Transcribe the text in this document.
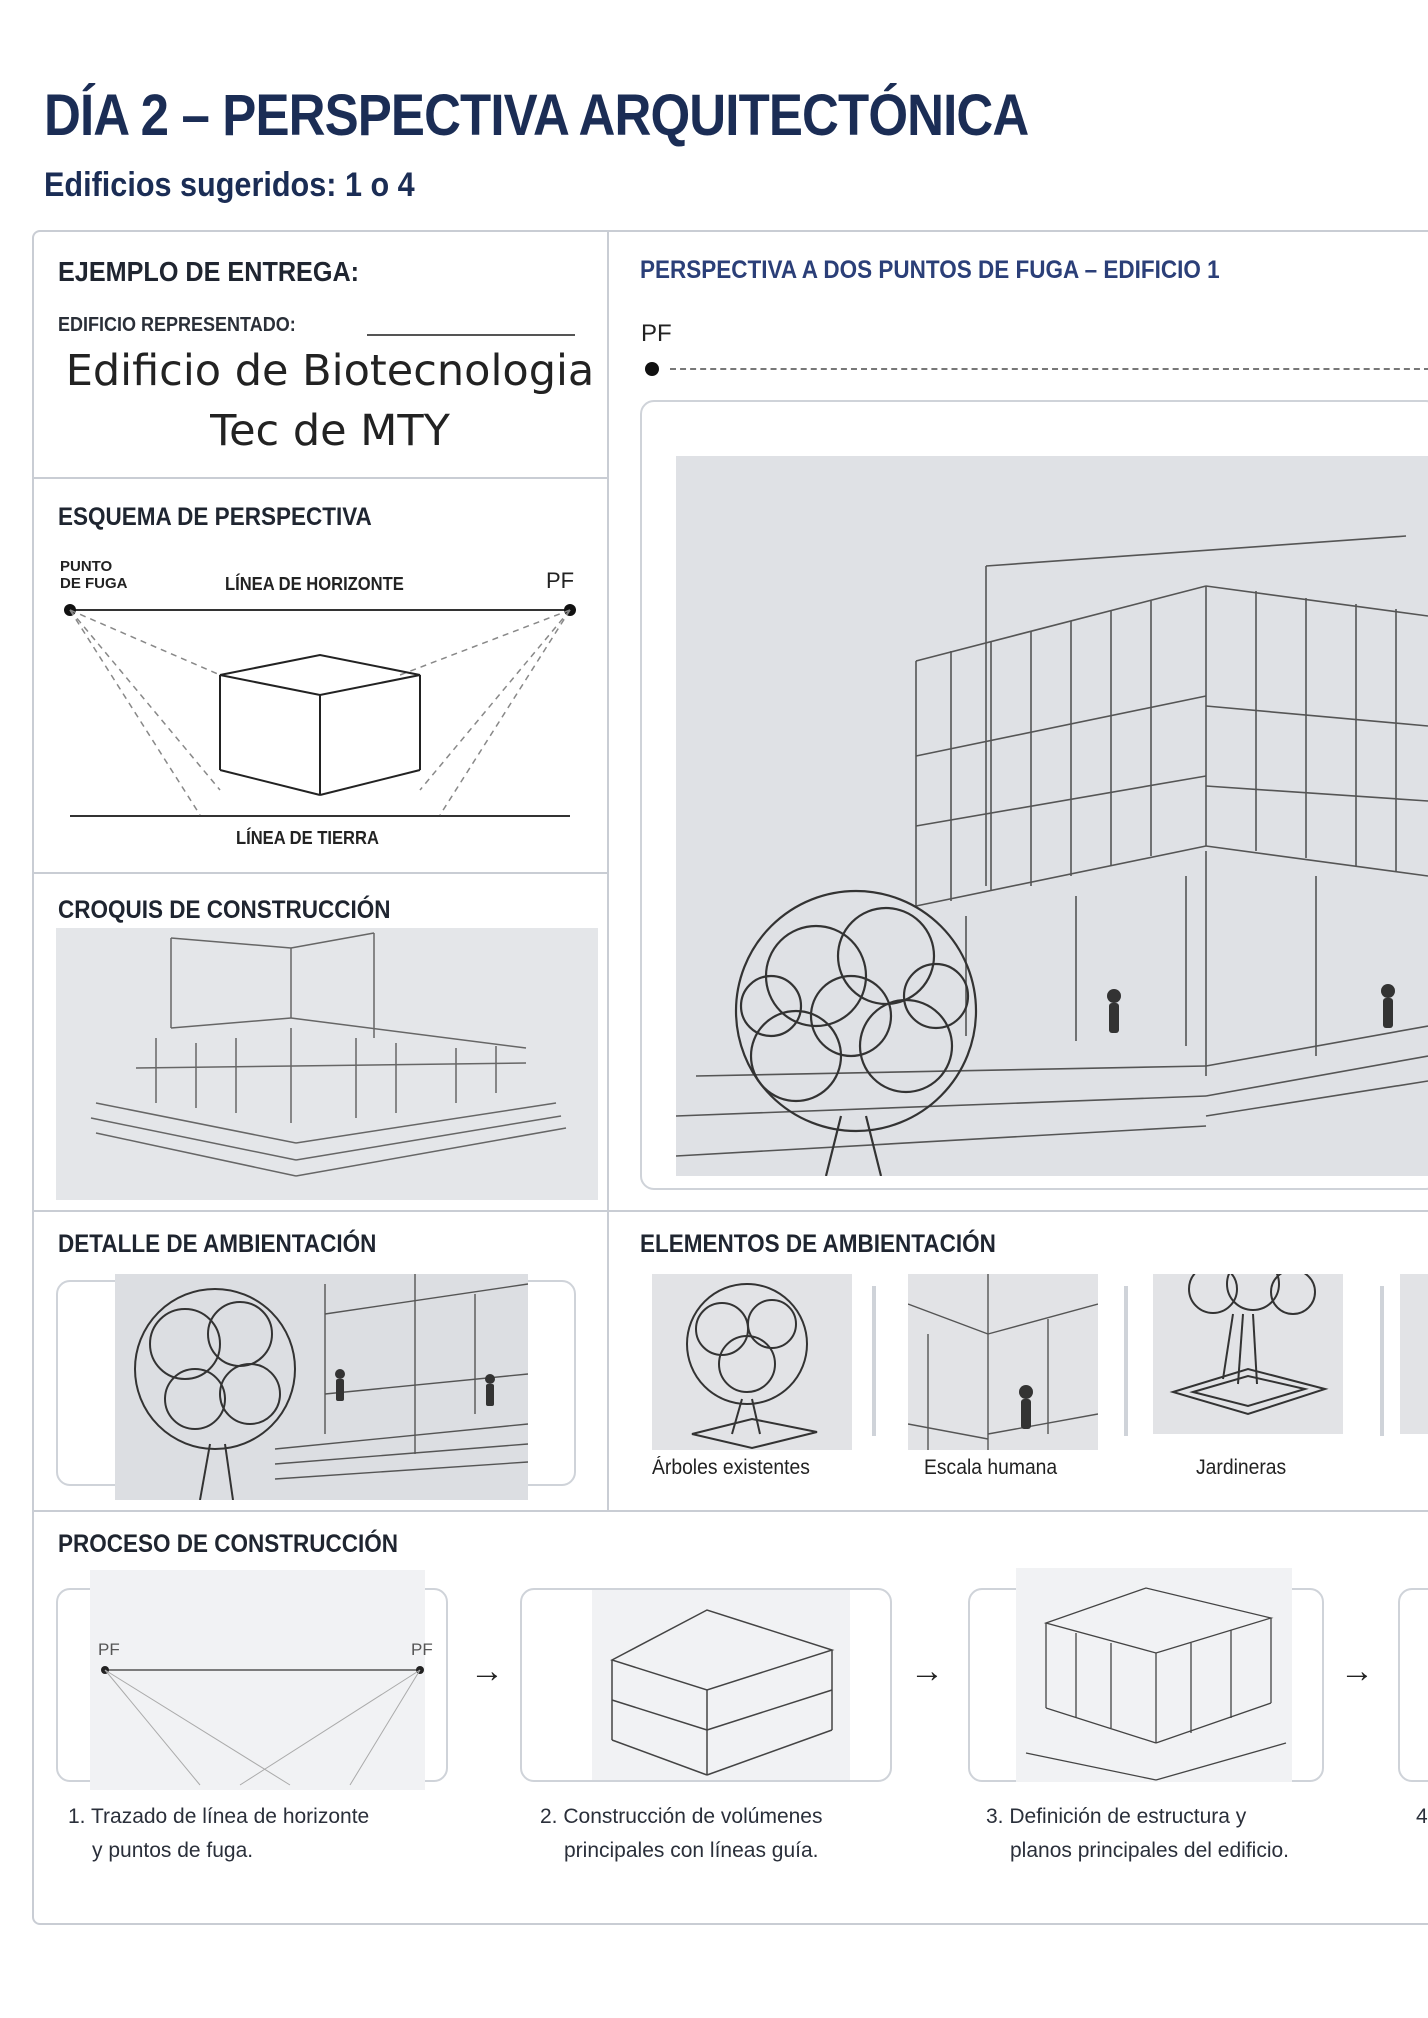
DÍA 2 – PERSPECTIVA ARQUITECTÓNICA
Edificios sugeridos: 1 o 4
EJEMPLO DE ENTREGA:
EDIFICIO REPRESENTADO:
Edificio de Biotecnologia
Tec de MTY
ESQUEMA DE PERSPECTIVA
PUNTO
DE FUGA	LÍNEA DE HORIZONTE	PF
LÍNEA DE TIERRA
CROQUIS DE CONSTRUCCIÓN
PERSPECTIVA A DOS PUNTOS DE FUGA – EDIFICIO 1
PF
DETALLE DE AMBIENTACIÓN	ELEMENTOS DE AMBIENTACIÓN
Árboles existentes	Escala humana	Jardineras
PROCESO DE CONSTRUCCIÓN
PF	PF
→	→	→
1. Trazado de línea de horizonte
y puntos de fuga.
2. Construcción de volúmenes
principales con líneas guía.
3. Definición de estructura y
planos principales del edificio.
4
